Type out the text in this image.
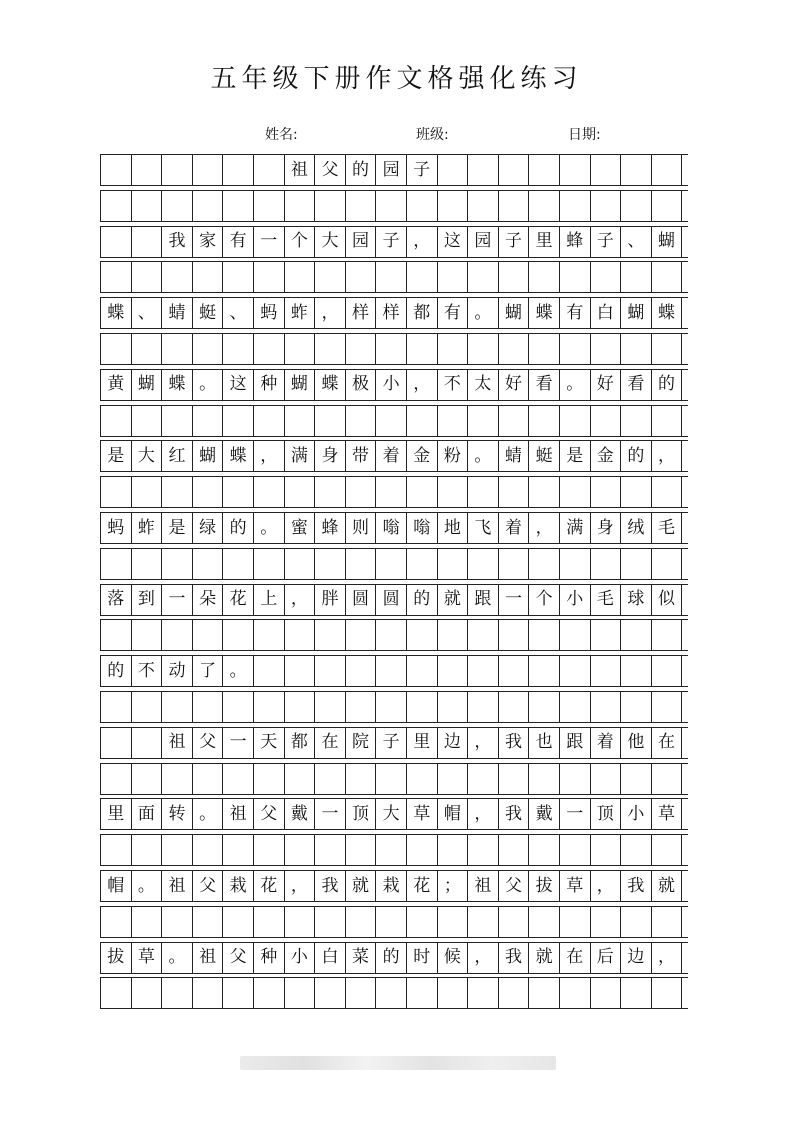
五年级下册作文格强化练习
姓名:	班级:	日期:
祖 父 的 园 子
我 家 有 一 个 大 园 子 ， 这 园 子 里 蜂 子 、 蝴
蝶 、 蜻 蜓 、 蚂 蚱 ， 样 样 都 有 。 蝴 蝶 有 白 蝴 蝶
黄 蝴 蝶 。 这 种 蝴 蝶 极 小 ， 不 太 好 看 。 好 看 的
是 大 红 蝴 蝶 ， 满 身 带 着 金 粉 。 蜻 蜓 是 金 的 ，
蚂 蚱 是 绿 的 。 蜜 蜂 则 嗡 嗡 地 飞 着 ， 满 身 绒 毛
落 到 一 朵 花 上 ， 胖 圆 圆 的 就 跟 一 个 小 毛 球 似
的 不 动 了 。
祖 父 一 天 都 在 院 子 里 边 ， 我 也 跟 着 他 在
里 面 转 。 祖 父 戴 一 顶 大 草 帽 ， 我 戴 一 顶 小 草
帽 。 祖 父 栽 花 ， 我 就 栽 花 ； 祖 父 拔 草 ， 我 就
拔 草 。 祖 父 种 小 白 菜 的 时 候 ， 我 就 在 后 边 ，
